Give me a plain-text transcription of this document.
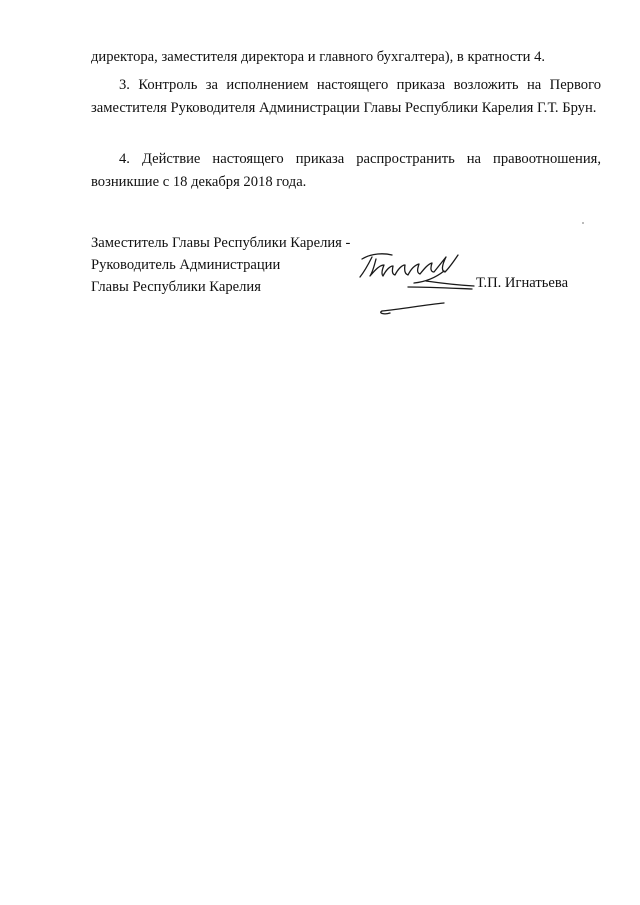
директора, заместителя директора и главного бухгалтера), в кратности 4.

3. Контроль за исполнением настоящего приказа возложить на Первого заместителя Руководителя Администрации Главы Республики Карелия Г.Т. Брун.

4. Действие настоящего приказа распространить на правоотношения, возникшие с 18 декабря 2018 года.

Заместитель Главы Республики Карелия -
Руководитель Администрации
Главы Республики Карелия	Т.П. Игнатьева
